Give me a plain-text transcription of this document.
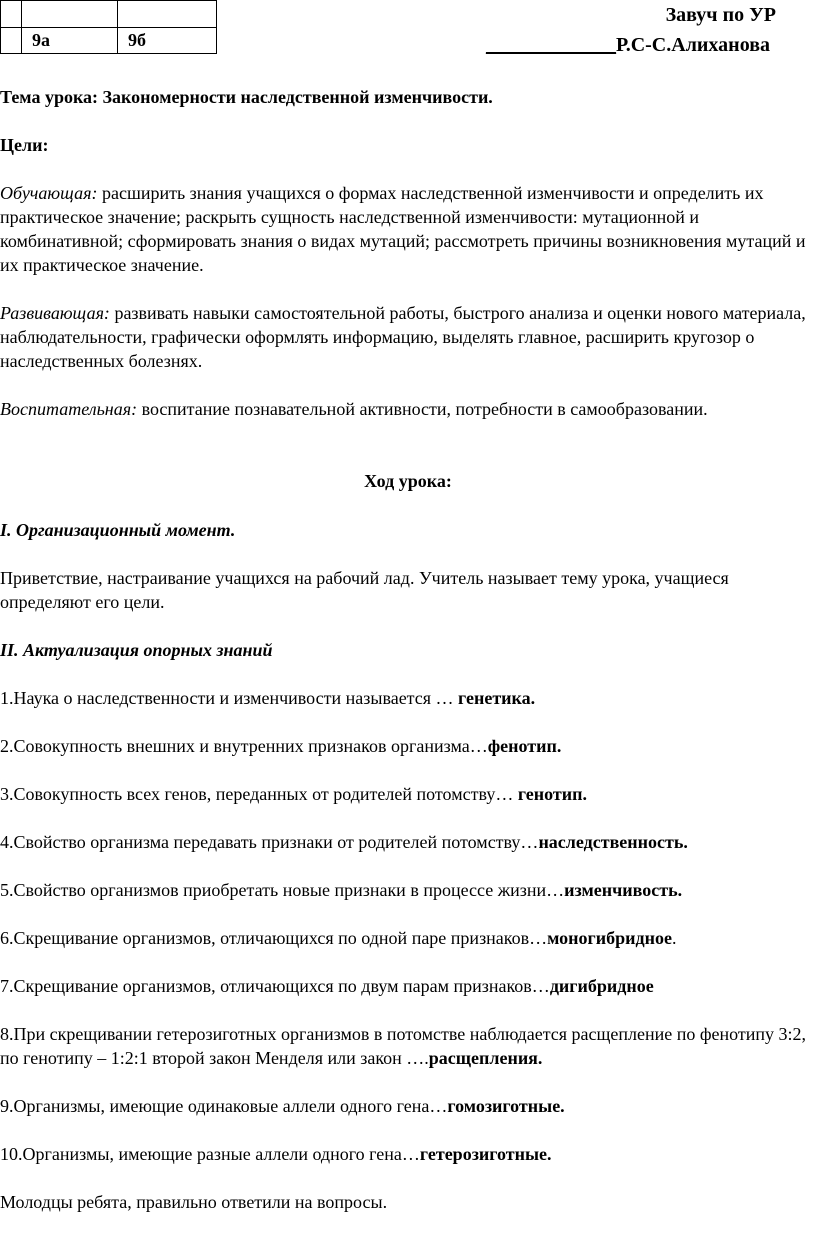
	9а	9б
Завуч по УР
_____________Р.С-С.Алиханова
Тема урока: Закономерности наследственной изменчивости.
Цели:
Обучающая: расширить знания учащихся о формах наследственной изменчивости и определить их практическое значение; раскрыть сущность наследственной изменчивости: мутационной и комбинативной; сформировать знания о видах мутаций; рассмотреть причины возникновения мутаций и их практическое значение.
Развивающая: развивать навыки самостоятельной работы, быстрого анализа и оценки нового материала, наблюдательности, графически оформлять информацию, выделять главное, расширить кругозор о наследственных болезнях.
Воспитательная: воспитание познавательной активности, потребности в самообразовании.
Ход урока:
I. Организационный момент.
Приветствие, настраивание учащихся на рабочий лад. Учитель называет тему урока, учащиеся определяют его цели.
II. Актуализация опорных знаний
1.Наука о наследственности и изменчивости называется … генетика.
2.Совокупность внешних и внутренних признаков организма…фенотип.
3.Совокупность всех генов, переданных от родителей потомству… генотип.
4.Свойство организма передавать признаки от родителей потомству…наследственность.
5.Свойство организмов приобретать новые признаки в процессе жизни…изменчивость.
6.Скрещивание организмов, отличающихся по одной паре признаков…моногибридное.
7.Скрещивание организмов, отличающихся по двум парам признаков…дигибридное
8.При скрещивании гетерозиготных организмов в потомстве наблюдается расщепление по фенотипу 3:2, по генотипу – 1:2:1 второй закон Менделя или закон ….расщепления.
9.Организмы, имеющие одинаковые аллели одного гена…гомозиготные.
10.Организмы, имеющие разные аллели одного гена…гетерозиготные.
Молодцы ребята, правильно ответили на вопросы.
